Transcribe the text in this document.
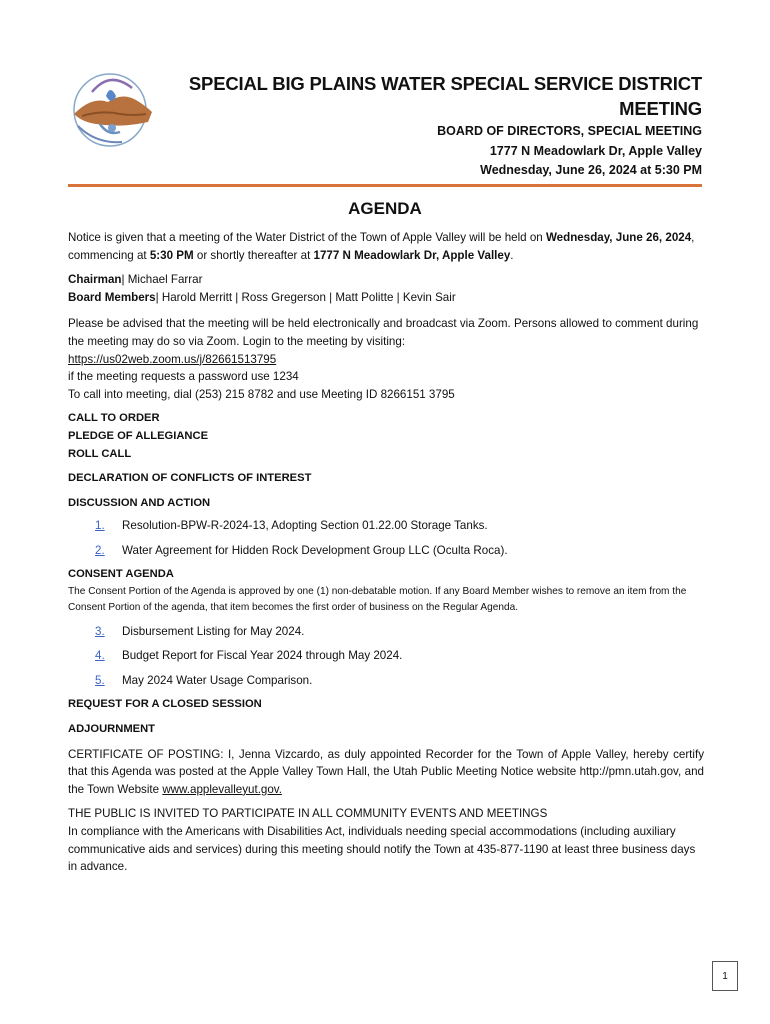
SPECIAL BIG PLAINS WATER SPECIAL SERVICE DISTRICT
MEETING
BOARD OF DIRECTORS, SPECIAL MEETING
1777 N Meadowlark Dr, Apple Valley
Wednesday, June 26, 2024 at 5:30 PM
AGENDA

Notice is given that a meeting of the Water District of the Town of Apple Valley will be held on Wednesday, June 26, 2024, commencing at 5:30 PM or shortly thereafter at 1777 N Meadowlark Dr, Apple Valley.

Chairman| Michael Farrar

Board Members| Harold Merritt | Ross Gregerson | Matt Politte | Kevin Sair

Please be advised that the meeting will be held electronically and broadcast via Zoom. Persons allowed to comment during the meeting may do so via Zoom. Login to the meeting by visiting:

https://us02web.zoom.us/j/82661513795

if the meeting requests a password use 1234

To call into meeting, dial (253) 215 8782 and use Meeting ID 8266151 3795

CALL TO ORDER

PLEDGE OF ALLEGIANCE

ROLL CALL

DECLARATION OF CONFLICTS OF INTEREST

DISCUSSION AND ACTION

1.	Resolution-BPW-R-2024-13, Adopting Section 01.22.00 Storage Tanks.
2.	Water Agreement for Hidden Rock Development Group LLC (Oculta Roca).

CONSENT AGENDA

The Consent Portion of the Agenda is approved by one (1) non-debatable motion. If any Board Member wishes to remove an item from the Consent Portion of the agenda, that item becomes the first order of business on the Regular Agenda.

3.	Disbursement Listing for May 2024.
4.	Budget Report for Fiscal Year 2024 through May 2024.
5.	May 2024 Water Usage Comparison.

REQUEST FOR A CLOSED SESSION

ADJOURNMENT

CERTIFICATE OF POSTING: I, Jenna Vizcardo, as duly appointed Recorder for the Town of Apple Valley, hereby certify that this Agenda was posted at the Apple Valley Town Hall, the Utah Public Meeting Notice website http://pmn.utah.gov, and the Town Website www.applevalleyut.gov.

THE PUBLIC IS INVITED TO PARTICIPATE IN ALL COMMUNITY EVENTS AND MEETINGS

In compliance with the Americans with Disabilities Act, individuals needing special accommodations (including auxiliary communicative aids and services) during this meeting should notify the Town at 435-877-1190 at least three business days in advance.

1
